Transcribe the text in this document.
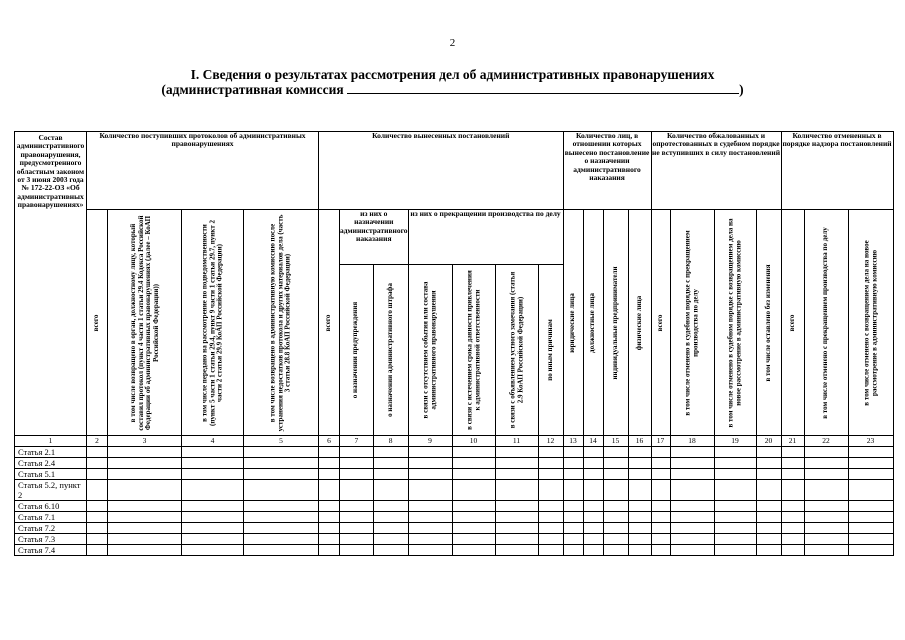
2
I. Сведения о результатах рассмотрения дел об административных правонарушениях
(административная комиссия	)
Состав административного правонарушения, предусмотренного областным законом от 3 июня 2003 года № 172-22-ОЗ «Об административных правонарушениях»	Количество поступивших протоколов об административных правонарушениях				Количество вынесенных постановлений							Количество лиц, в отношении которых вынесено постановление о назначении административного наказания				Количество обжалованных и опротестованных в судебном порядке не вступивших в силу постановлений				Количество отмененных в порядке надзора постановлений		

	всего	в том числе возвращено в орган, должностному лицу, который составил протокол (пункт 4 части 1 статьи 29.4 Кодекса Российской Федерации об административных правонарушениях (далее – КоАП Российской Федерации))	в том числе передано на рассмотрение по подведомственности (пункт 5 части 1 статьи 29.4, пункт 9 части 1 статьи 29.7, пункт 2 части 2 статьи 29.9 КоАП Российской Федерации)	в том числе возвращено в административную комиссию после устранения недостатков протокола и других материалов дела (часть 3 статьи 28.8 КоАП Российской Федерации)	всего	из них о назначении административного наказания		из них о прекращении производства по делу				юридические лица	должностные лица	индивидуальные предприниматели	физические лица	всего	в том числе отменено в судебном порядке с прекращением производства по делу	в том числе отменено в судебном порядке с возвращением дела на новое рассмотрение в административную комиссию	в том числе оставлено без изменения	всего	в том числе отменено с прекращением производства по делу	в том числе отменено с возвращением дела на новое рассмотрение в административную комиссию

						о назначении предупреждения	о назначении административного штрафа	в связи с отсутствием события или состава административного правонарушения	в связи с истечением срока давности привлечения к административной ответственности	в связи с объявлением устного замечания (статья 2.9 КоАП Российской Федерации)	по иным причинам											

1	2	3	4	5	6	7	8	9	10	11	12	13	14	15	16	17	18	19	20	21	22	23
Статья 2.1																						
Статья 2.4																						
Статья 5.1																						
Статья 5.2, пункт 2																						
Статья 6.10																						
Статья 7.1																						
Статья 7.2																						
Статья 7.3																						
Статья 7.4																						
